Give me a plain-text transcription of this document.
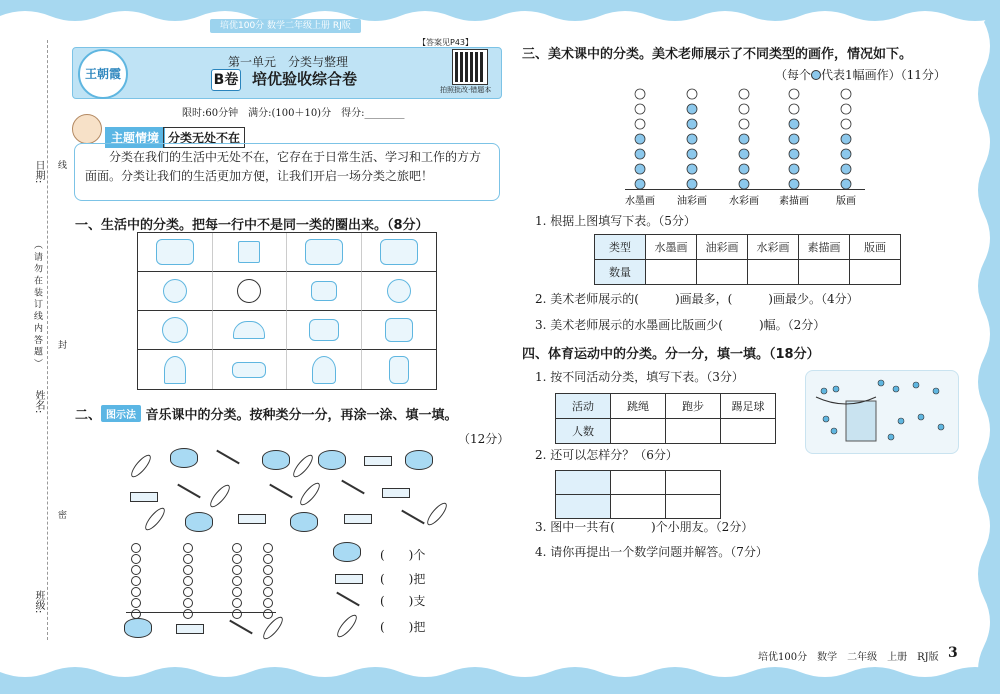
培优100分 数学二年级上册 RJ版
日期: 线
（ 请 勿 在 装 订 线 内 答 题 ） 封
姓名:
密
班级:
王朝霞
第一单元　分类与整理
B卷 培优验收综合卷
【答案见P43】
拍照批改·错题本
限时:60分钟　满分:(100＋10)分　得分:________
主题情境 分类无处不在
分类在我们的生活中无处不在，它存在于日常生活、学习和工作的方方面面。分类让我们的生活更加方便，让我们开启一场分类之旅吧！
一、生活中的分类。把每一行中不是同一类的圈出来。（8分）
二、 图示法 音乐课中的分类。按种类分一分，再涂一涂、填一填。
（12分）
(　　)个
(　　)把
(　　)支
(　　)把
三、美术课中的分类。美术老师展示了不同类型的画作，情况如下。
（每个 代表1幅画作）（11分）
水墨画 油彩画 水彩画 素描画	版画
1. 根据上图填写下表。（5分）
类型	水墨画	油彩画	水彩画	素描画	版画
数量					
2. 美术老师展示的(　　　)画最多，(　　　)画最少。（4分）
3. 美术老师展示的水墨画比版画少(　　　)幅。（2分）
四、体育运动中的分类。分一分，填一填。（18分）
1. 按不同活动分类，填写下表。（3分）
活动	跳绳	跑步	踢足球
人数			
2. 还可以怎样分？（6分）

3. 图中一共有(　　　)个小朋友。（2分）
4. 请你再提出一个数学问题并解答。（7分）
培优100分　数学　二年级　上册　RJ版 3
